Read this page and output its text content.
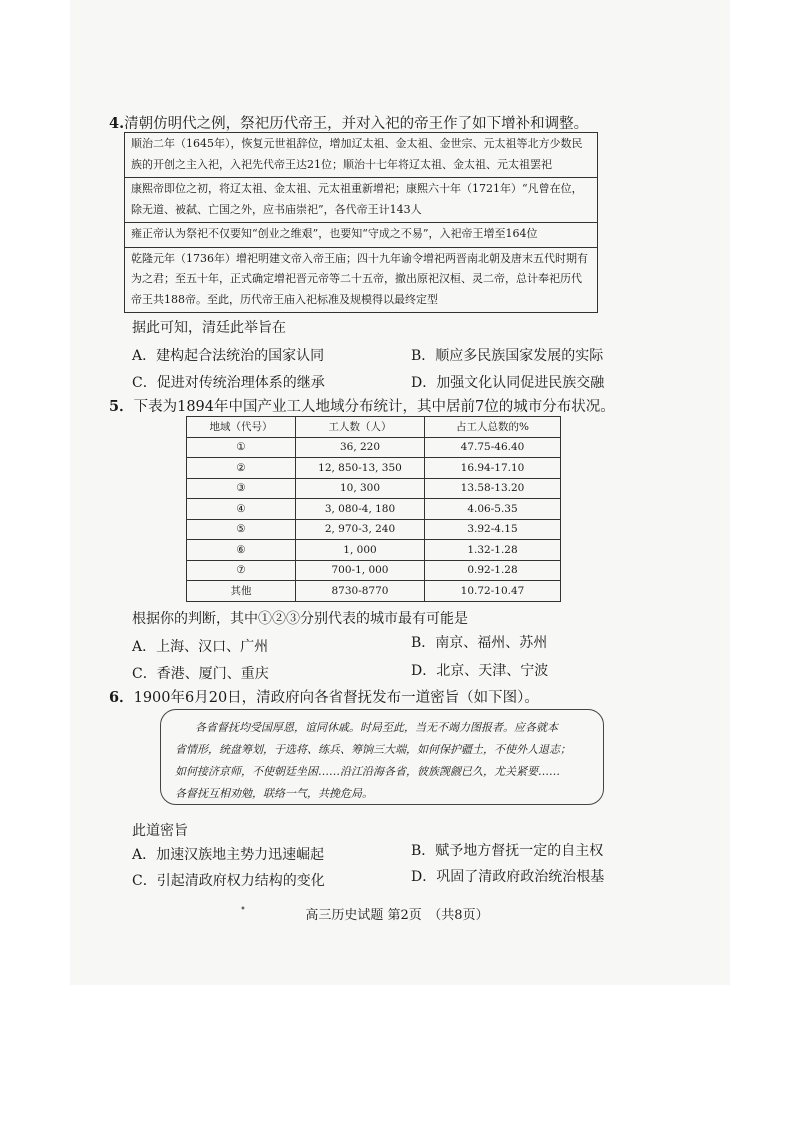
4.清朝仿明代之例，祭祀历代帝王，并对入祀的帝王作了如下增补和调整。
顺治二年（1645年），恢复元世祖辞位，增加辽太祖、金太祖、金世宗、元太祖等北方少数民族的开创之主入祀，入祀先代帝王达21位；顺治十七年将辽太祖、金太祖、元太祖罢祀
康熙帝即位之初，将辽太祖、金太祖、元太祖重新增祀；康熙六十年（1721年）“凡曾在位，除无道、被弑、亡国之外，应书庙崇祀”，各代帝王计143人
雍正帝认为祭祀不仅要知“创业之维艰”，也要知“守成之不易”，入祀帝王增至164位
乾隆元年（1736年）增祀明建文帝入帝王庙；四十九年谕令增祀两晋南北朝及唐末五代时期有为之君；至五十年，正式确定增祀晋元帝等二十五帝，撤出原祀汉桓、灵二帝，总计奉祀历代帝王共188帝。至此，历代帝王庙入祀标准及规模得以最终定型
据此可知，清廷此举旨在
A．建构起合法统治的国家认同	B．顺应多民族国家发展的实际
C．促进对传统治理体系的继承	D．加强文化认同促进民族交融
5．下表为1894年中国产业工人地域分布统计，其中居前7位的城市分布状况。
地域（代号）	工人数（人）	占工人总数的%
①	36, 220	47.75-46.40
②	12, 850-13, 350	16.94-17.10
③	10, 300	13.58-13.20
④	3, 080-4, 180	4.06-5.35
⑤	2, 970-3, 240	3.92-4.15
⑥	1, 000	1.32-1.28
⑦	700-1, 000	0.92-1.28
其他	8730-8770	10.72-10.47
根据你的判断，其中①②③分别代表的城市最有可能是
A．上海、汉口、广州	B．南京、福州、苏州
C．香港、厦门、重庆	D．北京、天津、宁波
6．1900年6月20日，清政府向各省督抚发布一道密旨（如下图）。

各省督抚均受国厚恩，谊同休戚。时局至此，当无不竭力图报者。应各就本

省情形，统盘筹划，于选将、练兵、筹饷三大端，如何保护疆土，不使外人退志；

如何接济京师，不使朝廷坐困……沿江沿海各省，彼族觊觎已久，尤关紧要……

各督抚互相劝勉，联络一气，共挽危局。

此道密旨
A．加速汉族地主势力迅速崛起	B．赋予地方督抚一定的自主权
C．引起清政府权力结构的变化	D．巩固了清政府政治统治根基
•	高三历史试题 第2页　（共8页）
